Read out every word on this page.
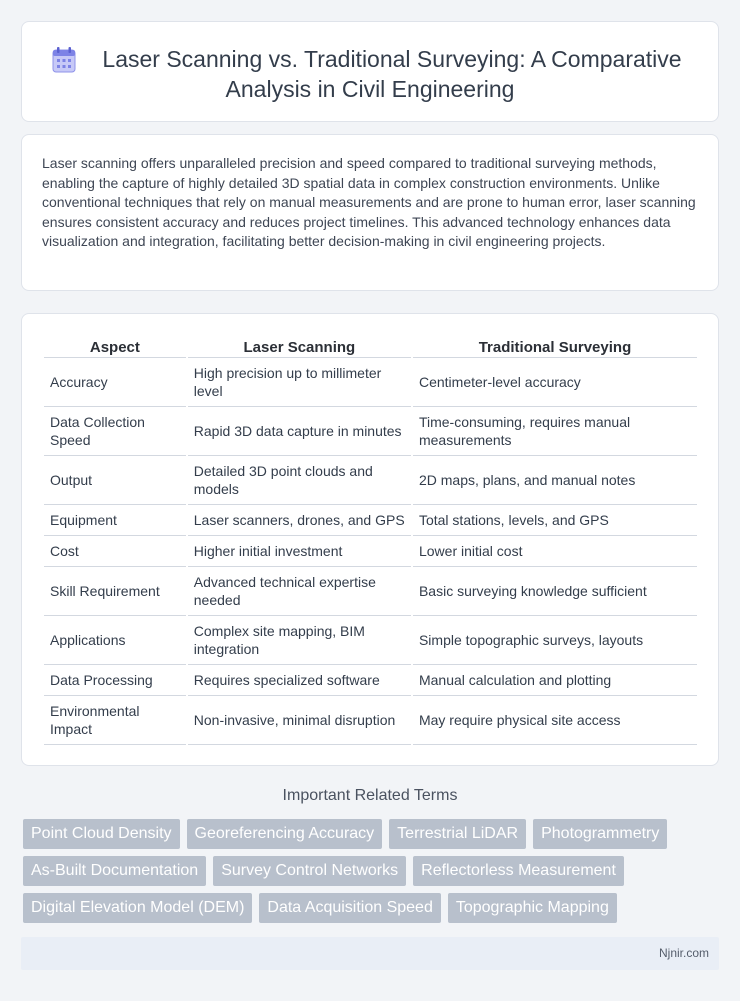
Laser Scanning vs. Traditional Surveying: A Comparative
Analysis in Civil Engineering

Laser scanning offers unparalleled precision and speed compared to traditional surveying methods, enabling the capture of highly detailed 3D spatial data in complex construction environments. Unlike conventional techniques that rely on manual measurements and are prone to human error, laser scanning ensures consistent accuracy and reduces project timelines. This advanced technology enhances data visualization and integration, facilitating better decision-making in civil engineering projects.

Aspect	Laser Scanning	Traditional Surveying
Accuracy	High precision up to millimeter level	Centimeter-level accuracy
Data Collection Speed	Rapid 3D data capture in minutes	Time-consuming, requires manual measurements
Output	Detailed 3D point clouds and models	2D maps, plans, and manual notes
Equipment	Laser scanners, drones, and GPS	Total stations, levels, and GPS
Cost	Higher initial investment	Lower initial cost
Skill Requirement	Advanced technical expertise needed	Basic surveying knowledge sufficient
Applications	Complex site mapping, BIM integration	Simple topographic surveys, layouts
Data Processing	Requires specialized software	Manual calculation and plotting
Environmental Impact	Non-invasive, minimal disruption	May require physical site access
Important Related Terms
Point Cloud Density	Georeferencing Accuracy	Terrestrial LiDAR	Photogrammetry
As-Built Documentation	Survey Control Networks	Reflectorless Measurement
Digital Elevation Model (DEM)	Data Acquisition Speed	Topographic Mapping
Njnir.com
